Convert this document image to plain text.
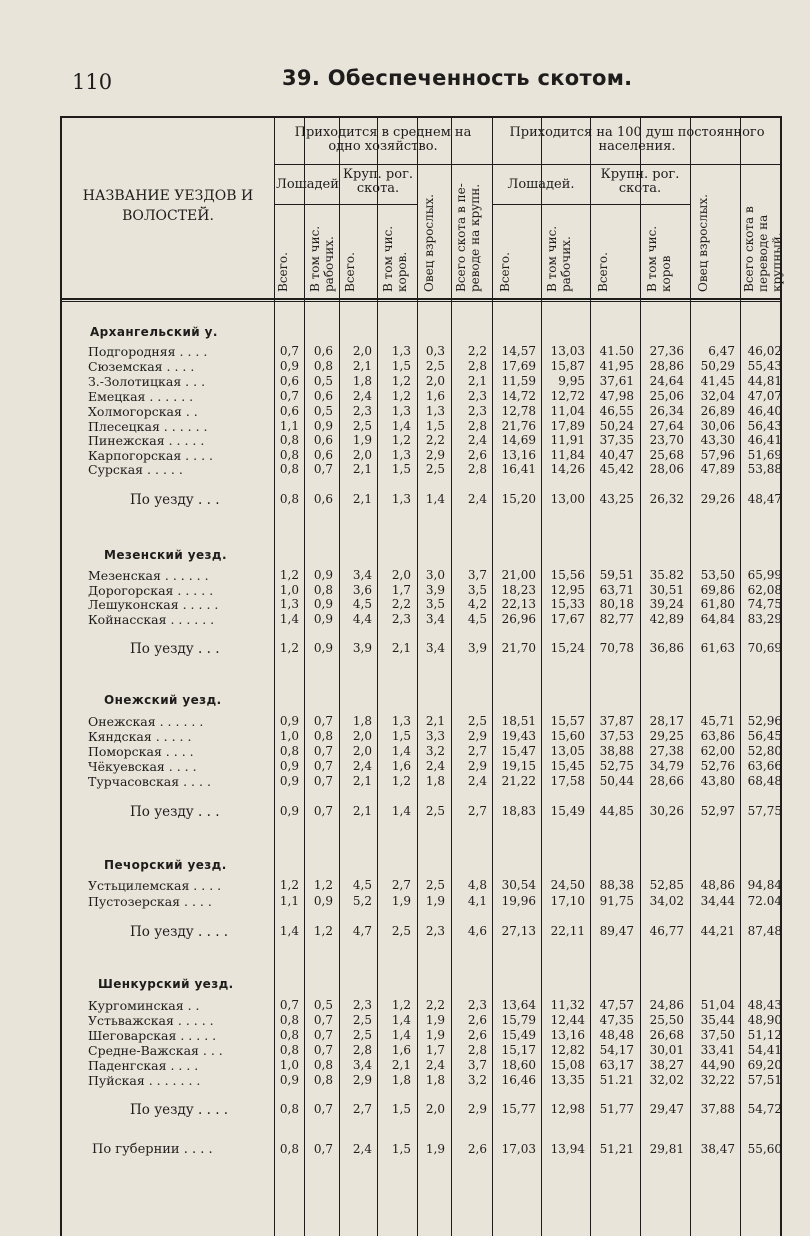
110	39. Обеспеченность скотом.
НАЗВАНИЕ УЕЗДОВ И ВОЛОСТЕЙ.
Приходится в среднем на одно хозяйство.
Приходится на 100 душ постоянного населения.
Лошадей
Круп. рог. скота.	Лошадей.
Крупн. рог. скота.
Всего.	В том чис. рабочих. Всего.	В том чис. коров. Овец взрослых.	Всего скота в пе- реводе на крупн. Всего.	В том чис. рабочих. Всего.	В том чис. коров Овец взрослых.	Всего скота в переводе на крупный.
Архангельский у.
Подгородняя . . . .	0,7	0,6	2,0	1,3	0,3	2,2	14,57	13,03	41.50	27,36	6,47	46,02
Сюземская . . . .	0,9	0,8	2,1	1,5	2,5	2,8	17,69	15,87	41,95	28,86	50,29	55,43
З.-Золотицкая . . .	0,6	0,5	1,8	1,2	2,0	2,1	11,59	9,95	37,61	24,64	41,45	44,81
Емецкая . . . . . .	0,7	0,6	2,4	1,2	1,6	2,3	14,72	12,72	47,98	25,06	32,04	47,07
Холмогорская . .	0,6	0,5	2,3	1,3	1,3	2,3	12,78	11,04	46,55	26,34	26,89	46,40
Плесецкая . . . . . .	1,1	0,9	2,5	1,4	1,5	2,8	21,76	17,89	50,24	27,64	30,06	56,43
Пинежская . . . . .	0,8	0,6	1,9	1,2	2,2	2,4	14,69	11,91	37,35	23,70	43,30	46,41
Карпогорская . . . .	0,8	0,6	2,0	1,3	2,9	2,6	13,16	11,84	40,47	25,68	57,96	51,69
Сурская . . . . .	0,8	0,7	2,1	1,5	2,5	2,8	16,41	14,26	45,42	28,06	47,89	53,88
По уезду . . .	0,8	0,6	2,1	1,3	1,4	2,4	15,20	13,00	43,25	26,32	29,26	48,47
Мезенский уезд.
Мезенская . . . . . .	1,2	0,9	3,4	2,0	3,0	3,7	21,00	15,56	59,51	35.82	53,50	65,99
Дорогорская . . . . .	1,0	0,8	3,6	1,7	3,9	3,5	18,23	12,95	63,71	30,51	69,86	62,08
Лешуконская . . . . .	1,3	0,9	4,5	2,2	3,5	4,2	22,13	15,33	80,18	39,24	61,80	74,75
Койнасская . . . . . .	1,4	0,9	4,4	2,3	3,4	4,5	26,96	17,67	82,77	42,89	64,84	83,29
По уезду . . .	1,2	0,9	3,9	2,1	3,4	3,9	21,70	15,24	70,78	36,86	61,63	70,69
Онежский уезд.
Онежская . . . . . .	0,9	0,7	1,8	1,3	2,1	2,5	18,51	15,57	37,87	28,17	45,71	52,96
Кяндская . . . . .	1,0	0,8	2,0	1,5	3,3	2,9	19,43	15,60	37,53	29,25	63,86	56,45
Поморская . . . .	0,8	0,7	2,0	1,4	3,2	2,7	15,47	13,05	38,88	27,38	62,00	52,80
Чёкуевская . . . .	0,9	0,7	2,4	1,6	2,4	2,9	19,15	15,45	52,75	34,79	52,76	63,66
Турчасовская . . . .	0,9	0,7	2,1	1,2	1,8	2,4	21,22	17,58	50,44	28,66	43,80	68,48
По уезду . . .	0,9	0,7	2,1	1,4	2,5	2,7	18,83	15,49	44,85	30,26	52,97	57,75
Печорский уезд.
Устьцилемская . . . .	1,2	1,2	4,5	2,7	2,5	4,8	30,54	24,50	88,38	52,85	48,86	94,84
Пустозерская . . . .	1,1	0,9	5,2	1,9	1,9	4,1	19,96	17,10	91,75	34,02	34,44	72.04
По уезду . . . .	1,4	1,2	4,7	2,5	2,3	4,6	27,13	22,11	89,47	46,77	44,21	87,48
Шенкурский уезд.
Кургоминская . .	0,7	0,5	2,3	1,2	2,2	2,3	13,64	11,32	47,57	24,86	51,04	48,43
Устьважская . . . . .	0,8	0,7	2,5	1,4	1,9	2,6	15,79	12,44	47,35	25,50	35,44	48,90
Шеговарская . . . . .	0,8	0,7	2,5	1,4	1,9	2,6	15,49	13,16	48,48	26,68	37,50	51,12
Средне-Важская . . .	0,8	0,7	2,8	1,6	1,7	2,8	15,17	12,82	54,17	30,01	33,41	54,41
Паденгская . . . .	1,0	0,8	3,4	2,1	2,4	3,7	18,60	15,08	63,17	38,27	44,90	69,20
Пуйская . . . . . . .	0,9	0,8	2,9	1,8	1,8	3,2	16,46	13,35	51.21	32,02	32,22	57,51
По уезду . . . .	0,8	0,7	2,7	1,5	2,0	2,9	15,77	12,98	51,77	29,47	37,88	54,72
По губернии . . . .	0,8	0,7	2,4	1,5	1,9	2,6	17,03	13,94	51,21	29,81	38,47	55,60
